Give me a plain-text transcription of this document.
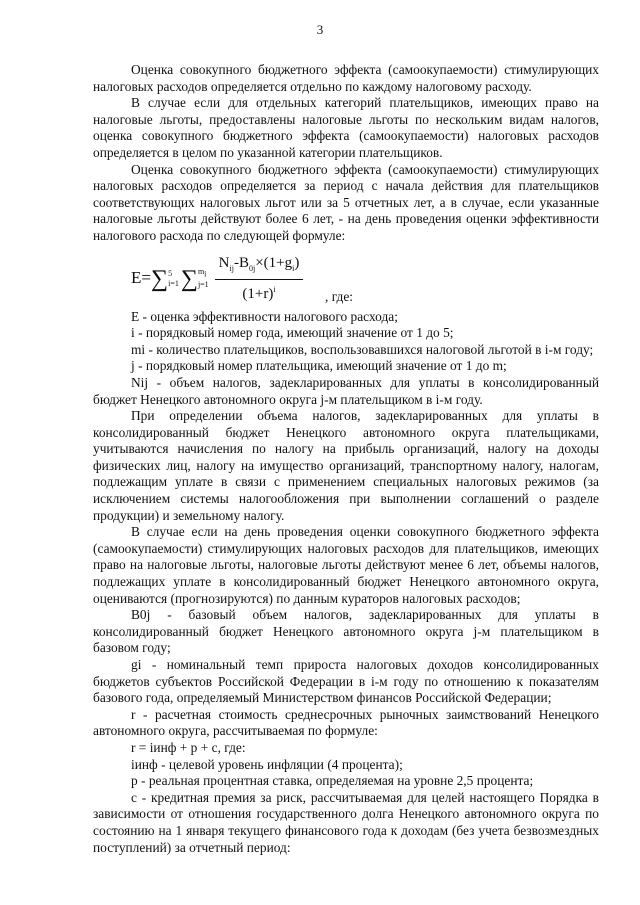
3

Оценка совокупного бюджетного эффекта (самоокупаемости) стимулирующих налоговых расходов определяется отдельно по каждому налоговому расходу.

В случае если для отдельных категорий плательщиков, имеющих право на налоговые льготы, предоставлены налоговые льготы по нескольким видам налогов, оценка совокупного бюджетного эффекта (самоокупаемости) налоговых расходов определяется в целом по указанной категории плательщиков.

Оценка совокупного бюджетного эффекта (самоокупаемости) стимулирующих налоговых расходов определяется за период с начала действия для плательщиков соответствующих налоговых льгот или за 5 отчетных лет, а в случае, если указанные налоговые льготы действуют более 6 лет, - на день проведения оценки эффективности налогового расхода по следующей формуле:

E=∑5
$i=1\sum m_i$
$j=1 \frac{N_{ij}-B_{0j}\times(1+g_i)}{(1+r)^i}$ , где:

E - оценка эффективности налогового расхода;

i - порядковый номер года, имеющий значение от 1 до 5;

mi - количество плательщиков, воспользовавшихся налоговой льготой в i-м году;

j - порядковый номер плательщика, имеющий значение от 1 до m;

Nij - объем налогов, задекларированных для уплаты в консолидированный бюджет Ненецкого автономного округа j-м плательщиком в i-м году.

При определении объема налогов, задекларированных для уплаты в консолидированный бюджет Ненецкого автономного округа плательщиками, учитываются начисления по налогу на прибыль организаций, налогу на доходы физических лиц, налогу на имущество организаций, транспортному налогу, налогам, подлежащим уплате в связи с применением специальных налоговых режимов (за исключением системы налогообложения при выполнении соглашений о разделе продукции) и земельному налогу.

В случае если на день проведения оценки совокупного бюджетного эффекта (самоокупаемости) стимулирующих налоговых расходов для плательщиков, имеющих право на налоговые льготы, налоговые льготы действуют менее 6 лет, объемы налогов, подлежащих уплате в консолидированный бюджет Ненецкого автономного округа, оцениваются (прогнозируются) по данным кураторов налоговых расходов;

B0j - базовый объем налогов, задекларированных для уплаты в консолидированный бюджет Ненецкого автономного округа j-м плательщиком в базовом году;

gi - номинальный темп прироста налоговых доходов консолидированных бюджетов субъектов Российской Федерации в i-м году по отношению к показателям базового года, определяемый Министерством финансов Российской Федерации;

r - расчетная стоимость среднесрочных рыночных заимствований Ненецкого автономного округа, рассчитываемая по формуле:

r = iинф + p + c, где:

iинф - целевой уровень инфляции (4 процента);

p - реальная процентная ставка, определяемая на уровне 2,5 процента;

c - кредитная премия за риск, рассчитываемая для целей настоящего Порядка в зависимости от отношения государственного долга Ненецкого автономного округа по состоянию на 1 января текущего финансового года к доходам (без учета безвозмездных поступлений) за отчетный период:
